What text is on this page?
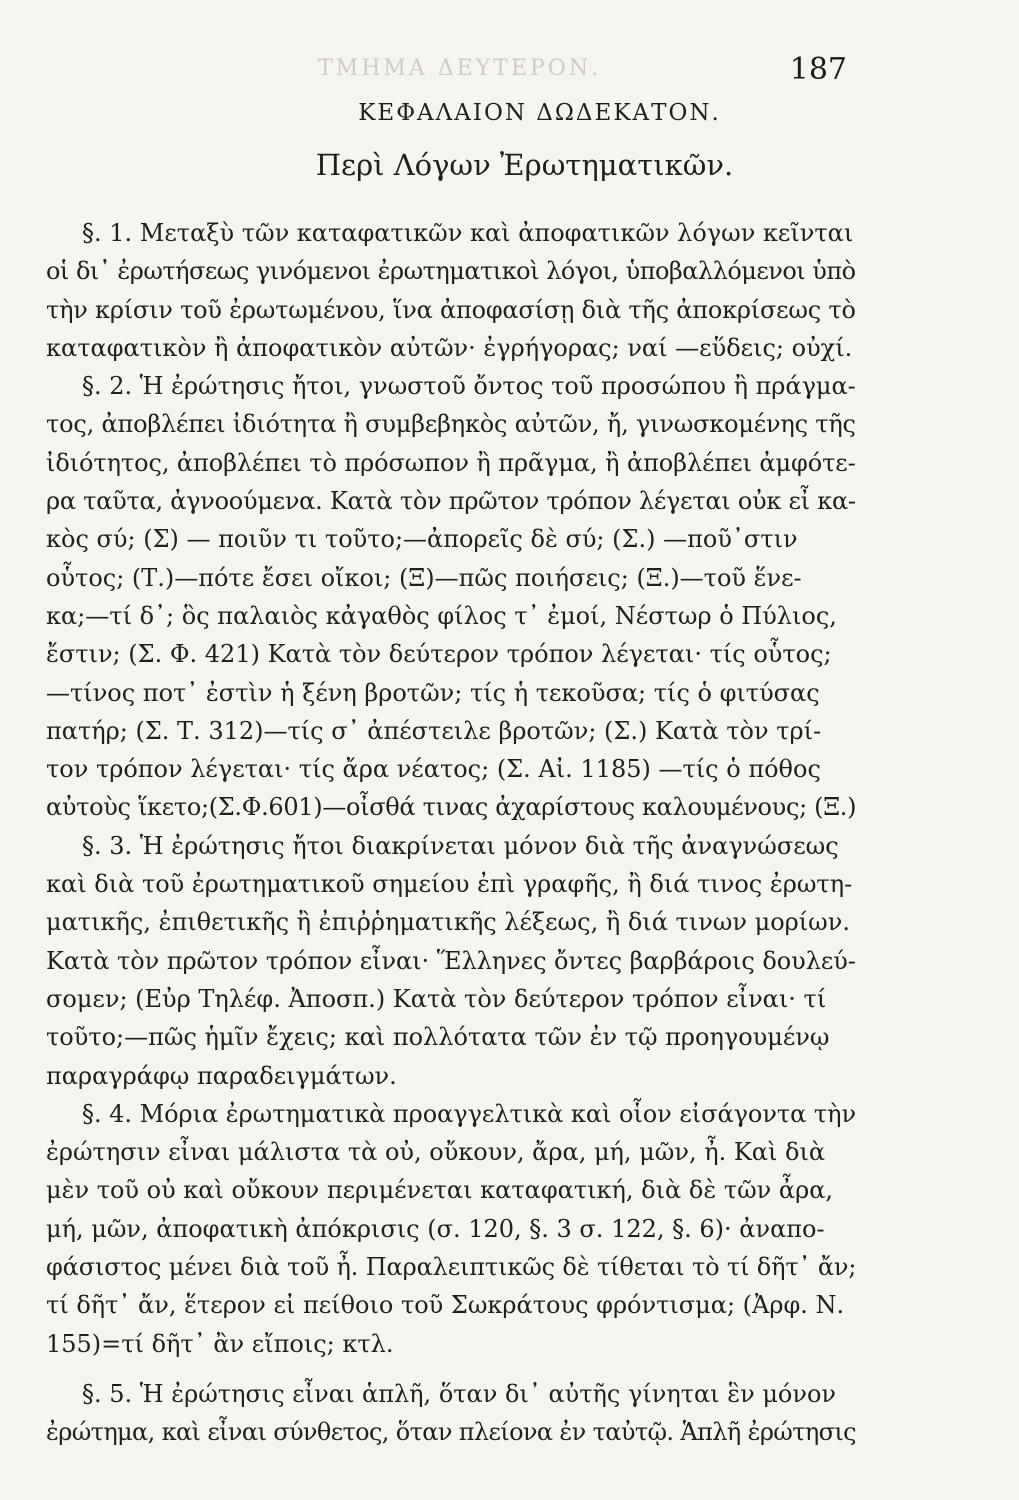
ΤΜΗΜΑ ΔΕΥΤΕΡΟΝ.	187
ΚΕΦΑΛΑΙΟΝ ΔΩΔΕΚΑΤΟΝ.
Περὶ Λόγων Ἐρωτηματικῶν.
§. 1. Μεταξὺ τῶν καταφατικῶν καὶ ἀποφατικῶν λόγων κεῖνται
οἱ δι᾽ ἐρωτήσεως γινόμενοι ἐρωτηματικοὶ λόγοι, ὑποβαλλόμενοι ὑπὸ
τὴν κρίσιν τοῦ ἐρωτωμένου, ἵνα ἀποφασίσῃ διὰ τῆς ἀποκρίσεως τὸ
καταφατικὸν ἢ ἀποφατικὸν αὐτῶν· ἐγρήγορας; ναί —εὕδεις; οὐχί.
§. 2. Ἡ ἐρώτησις ἤτοι, γνωστοῦ ὄντος τοῦ προσώπου ἢ πράγμα-
τος, ἀποβλέπει ἰδιότητα ἢ συμβεβηκὸς αὐτῶν, ἤ, γινωσκομένης τῆς
ἰδιότητος, ἀποβλέπει τὸ πρόσωπον ἢ πρᾶγμα, ἢ ἀποβλέπει ἀμφότε-
ρα ταῦτα, ἀγνοούμενα. Κατὰ τὸν πρῶτον τρόπον λέγεται οὐκ εἶ κα-
κὸς σύ; (Σ) — ποιῦν τι τοῦτο;—ἀπορεῖς δὲ σύ; (Σ.) —ποῦ᾽στιν
οὗτος; (Τ.)—πότε ἔσει οἴκοι; (Ξ)—πῶς ποιήσεις; (Ξ.)—τοῦ ἕνε-
κα;—τί δ᾽; ὃς παλαιὸς κἀγαθὸς φίλος τ᾽ ἐμοί, Νέστωρ ὁ Πύλιος,
ἔστιν; (Σ. Φ. 421) Κατὰ τὸν δεύτερον τρόπον λέγεται· τίς οὗτος;
—τίνος ποτ᾽ ἐστὶν ἡ ξένη βροτῶν; τίς ἡ τεκοῦσα; τίς ὁ φιτύσας
πατήρ; (Σ. Τ. 312)—τίς σ᾽ ἀπέστειλε βροτῶν; (Σ.) Κατὰ τὸν τρί-
τον τρόπον λέγεται· τίς ἄρα νέατος; (Σ. Αἰ. 1185) —τίς ὁ πόθος
αὐτοὺς ἵκετο;(Σ.Φ.601)—οἶσθά τινας ἀχαρίστους καλουμένους; (Ξ.)
§. 3. Ἡ ἐρώτησις ἤτοι διακρίνεται μόνον διὰ τῆς ἀναγνώσεως
καὶ διὰ τοῦ ἐρωτηματικοῦ σημείου ἐπὶ γραφῆς, ἢ διά τινος ἐρωτη-
ματικῆς, ἐπιθετικῆς ἢ ἐπιῤῥηματικῆς λέξεως, ἢ διά τινων μορίων.
Κατὰ τὸν πρῶτον τρόπον εἶναι· Ἕλληνες ὄντες βαρβάροις δουλεύ-
σομεν; (Εὐρ Τηλέφ. Ἀποσπ.) Κατὰ τὸν δεύτερον τρόπον εἶναι· τί
τοῦτο;—πῶς ἡμῖν ἔχεις; καὶ πολλότατα τῶν ἐν τῷ προηγουμένῳ
παραγράφῳ παραδειγμάτων.
§. 4. Μόρια ἐρωτηματικὰ προαγγελτικὰ καὶ οἷον εἰσάγοντα τὴν
ἐρώτησιν εἶναι μάλιστα τὰ οὐ, οὔκουν, ἄρα, μή, μῶν, ἦ. Καὶ διὰ
μὲν τοῦ οὐ καὶ οὔκουν περιμένεται καταφατική, διὰ δὲ τῶν ἆρα,
μή, μῶν, ἀποφατικὴ ἀπόκρισις (σ. 120, §. 3 σ. 122, §. 6)· ἀναπο-
φάσιστος μένει διὰ τοῦ ἦ. Παραλειπτικῶς δὲ τίθεται τὸ τί δῆτ᾽ ἄν;
τί δῆτ᾽ ἄν, ἕτερον εἰ πείθοιο τοῦ Σωκράτους φρόντισμα; (Ἀρφ. Ν.
155)=τί δῆτ᾽ ἂν εἴποις; κτλ.
§. 5. Ἡ ἐρώτησις εἶναι ἁπλῆ, ὅταν δι᾽ αὐτῆς γίνηται ἓν μόνον
ἐρώτημα, καὶ εἶναι σύνθετος, ὅταν πλείονα ἐν ταὐτῷ. Ἁπλῆ ἐρώτησις
